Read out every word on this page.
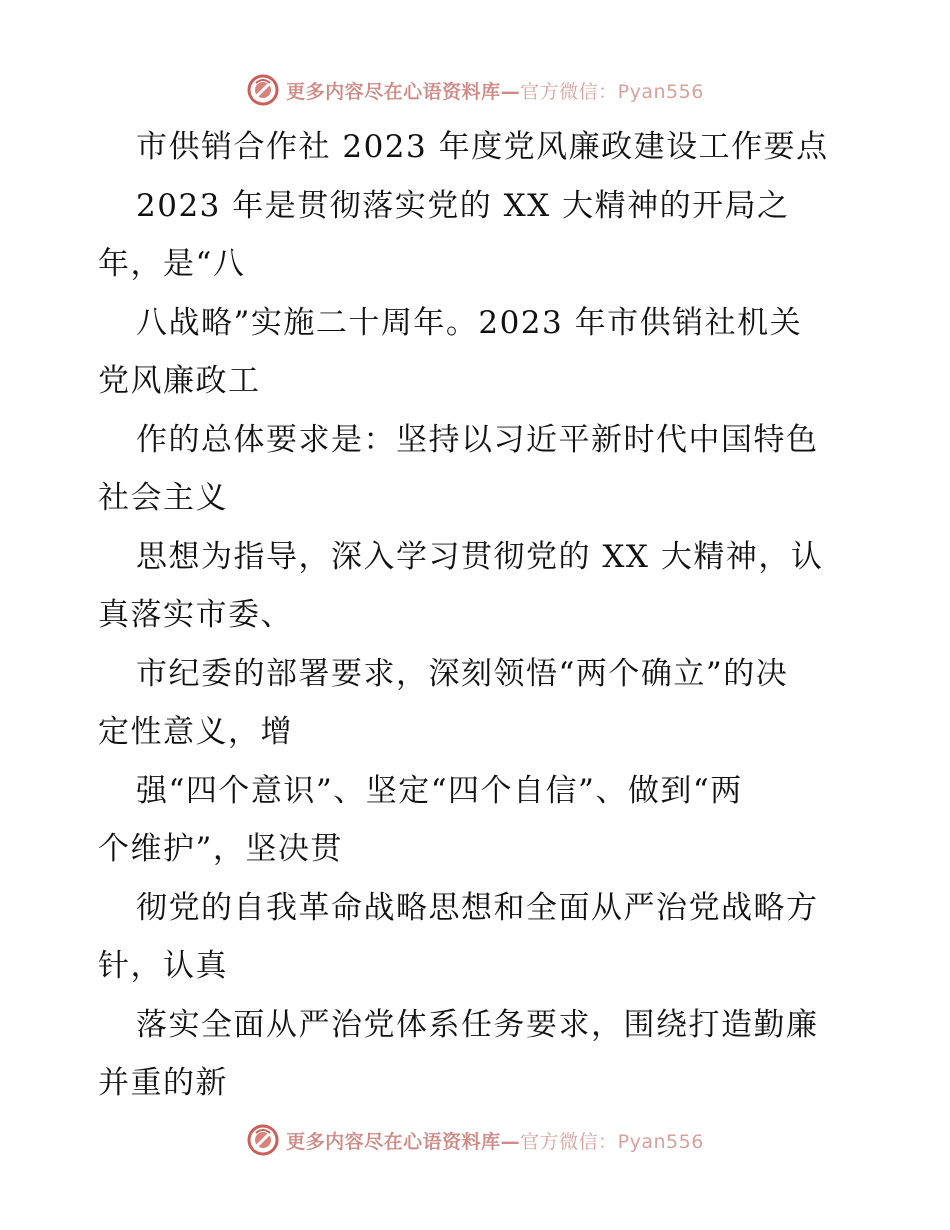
更多内容尽在心语资料库—官方微信：Pyan556
市供销合作社 2023 年度党风廉政建设工作要点
2023 年是贯彻落实党的 XX 大精神的开局之
年，是“八
八战略”实施二十周年。2023 年市供销社机关
党风廉政工
作的总体要求是：坚持以习近平新时代中国特色
社会主义
思想为指导，深入学习贯彻党的 XX 大精神，认
真落实市委、
市纪委的部署要求，深刻领悟“两个确立”的决
定性意义，增
强“四个意识”、坚定“四个自信”、做到“两
个维护”，坚决贯
彻党的自我革命战略思想和全面从严治党战略方
针，认真
落实全面从严治党体系任务要求，围绕打造勤廉
并重的新
更多内容尽在心语资料库—官方微信：Pyan556
